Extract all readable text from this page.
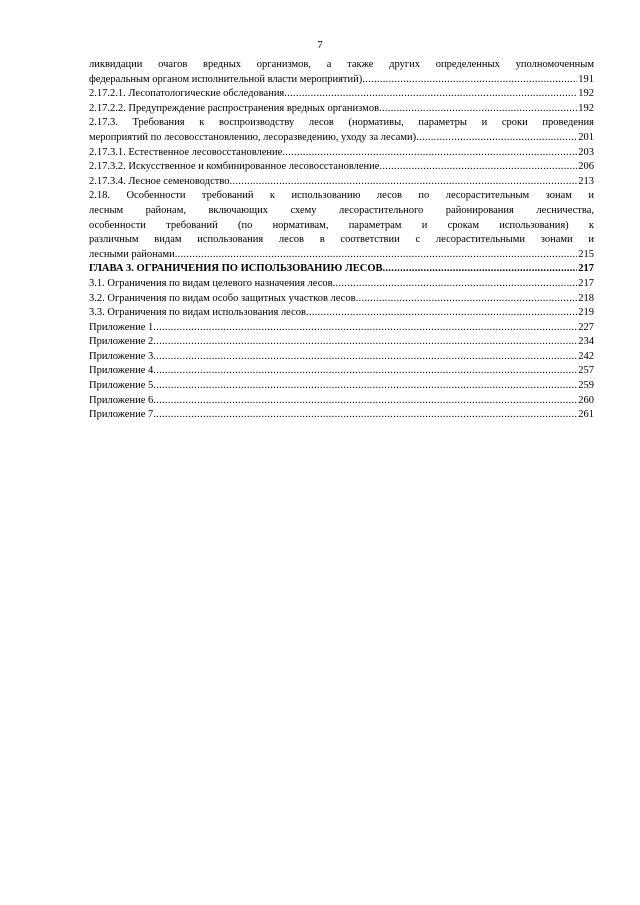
7
ликвидации очагов вредных организмов, а также других определенных уполномоченным
федеральным органом исполнительной власти мероприятий) .....	191
2.17.2.1. Лесопатологические обследования .....	192
2.17.2.2. Предупреждение распространения вредных организмов .....	192
2.17.3. Требования к воспроизводству лесов (нормативы, параметры и сроки проведения
мероприятий по лесовосстановлению, лесоразведению, уходу за лесами) .....	201
2.17.3.1. Естественное лесовосстановление .....	203
2.17.3.2. Искусственное и комбинированное лесовосстановление .....	206
2.17.3.4. Лесное семеноводство .....	213
2.18. Особенности требований к использованию лесов по лесорастительным зонам и
лесным районам, включающих схему лесорастительного районирования лесничества,
особенности требований (по нормативам, параметрам и срокам использования) к
различным видам использования лесов в соответствии с лесорастительными зонами и
лесными районами .....	215
ГЛАВА 3. ОГРАНИЧЕНИЯ ПО ИСПОЛЬЗОВАНИЮ ЛЕСОВ .....	217
3.1. Ограничения по видам целевого назначения лесов .....	217
3.2. Ограничения по видам особо защитных участков лесов .....	218
3.3. Ограничения по видам использования лесов .....	219
Приложение 1 .....	227
Приложение 2 .....	234
Приложение 3 .....	242
Приложение 4 .....	257
Приложение 5 .....	259
Приложение 6 .....	260
Приложение 7 .....	261
